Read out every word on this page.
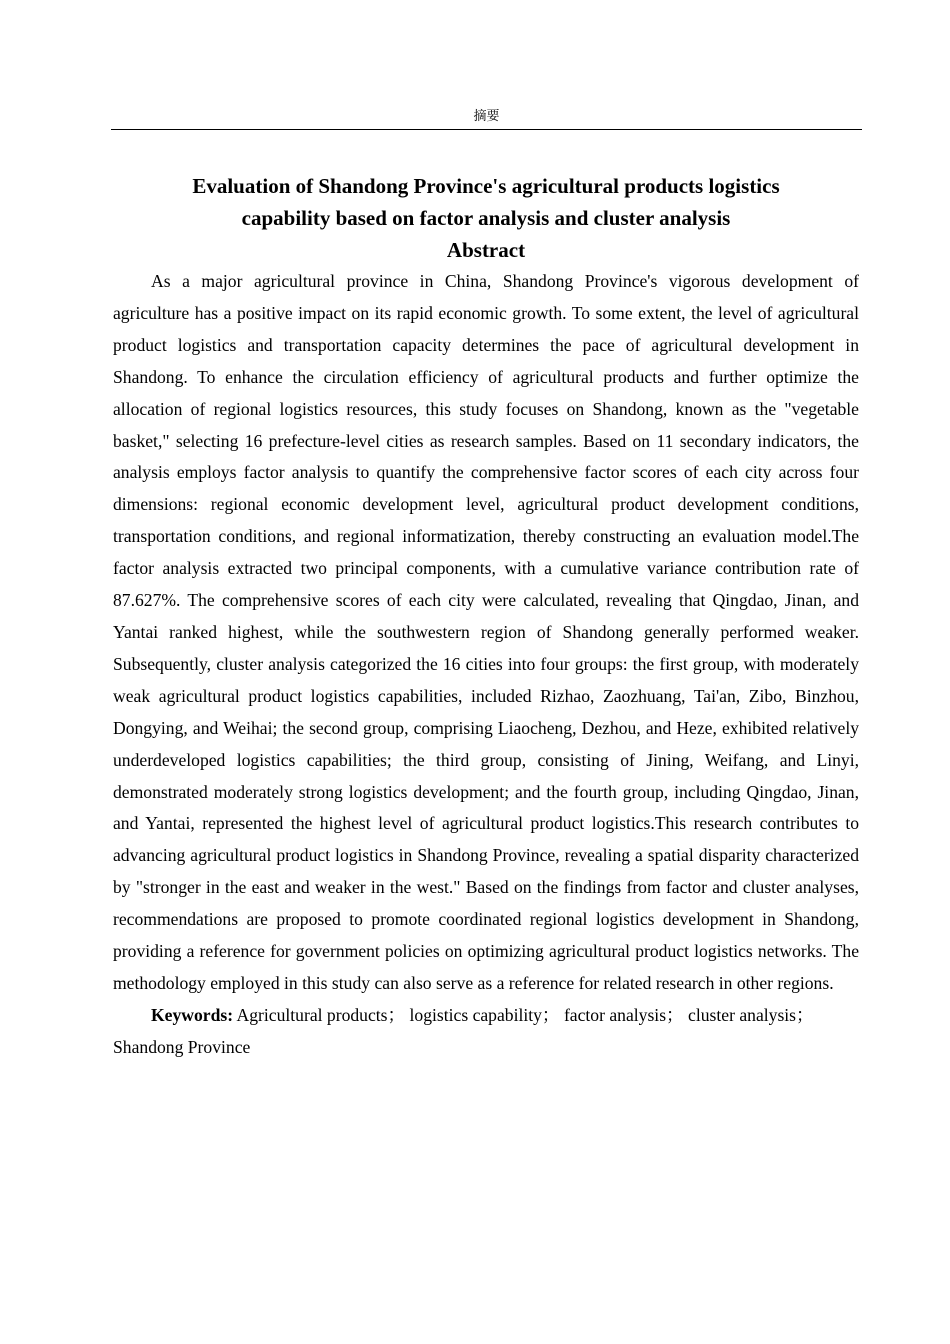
摘要
Evaluation of Shandong Province's agricultural products logistics
capability based on factor analysis and cluster analysis
Abstract

As a major agricultural province in China, Shandong Province's vigorous development of agriculture has a positive impact on its rapid economic growth. To some extent, the level of agricultural product logistics and transportation capacity determines the pace of agricultural development in Shandong. To enhance the circulation efficiency of agricultural products and further optimize the allocation of regional logistics resources, this study focuses on Shandong, known as the "vegetable basket," selecting 16 prefecture-level cities as research samples. Based on 11 secondary indicators, the analysis employs factor analysis to quantify the comprehensive factor scores of each city across four dimensions: regional economic development level, agricultural product development conditions, transportation conditions, and regional informatization, thereby constructing an evaluation model.The factor analysis extracted two principal components, with a cumulative variance contribution rate of 87.627%. The comprehensive scores of each city were calculated, revealing that Qingdao, Jinan, and Yantai ranked highest, while the southwestern region of Shandong generally performed weaker. Subsequently, cluster analysis categorized the 16 cities into four groups: the first group, with moderately weak agricultural product logistics capabilities, included Rizhao, Zaozhuang, Tai'an, Zibo, Binzhou, Dongying, and Weihai; the second group, comprising Liaocheng, Dezhou, and Heze, exhibited relatively underdeveloped logistics capabilities; the third group, consisting of Jining, Weifang, and Linyi, demonstrated moderately strong logistics development; and the fourth group, including Qingdao, Jinan, and Yantai, represented the highest level of agricultural product logistics.This research contributes to advancing agricultural product logistics in Shandong Province, revealing a spatial disparity characterized by "stronger in the east and weaker in the west." Based on the findings from factor and cluster analyses, recommendations are proposed to promote coordinated regional logistics development in Shandong, providing a reference for government policies on optimizing agricultural product logistics networks. The methodology employed in this study can also serve as a reference for related research in other regions.

Keywords: Agricultural products； logistics capability； factor analysis； cluster analysis； Shandong Province
